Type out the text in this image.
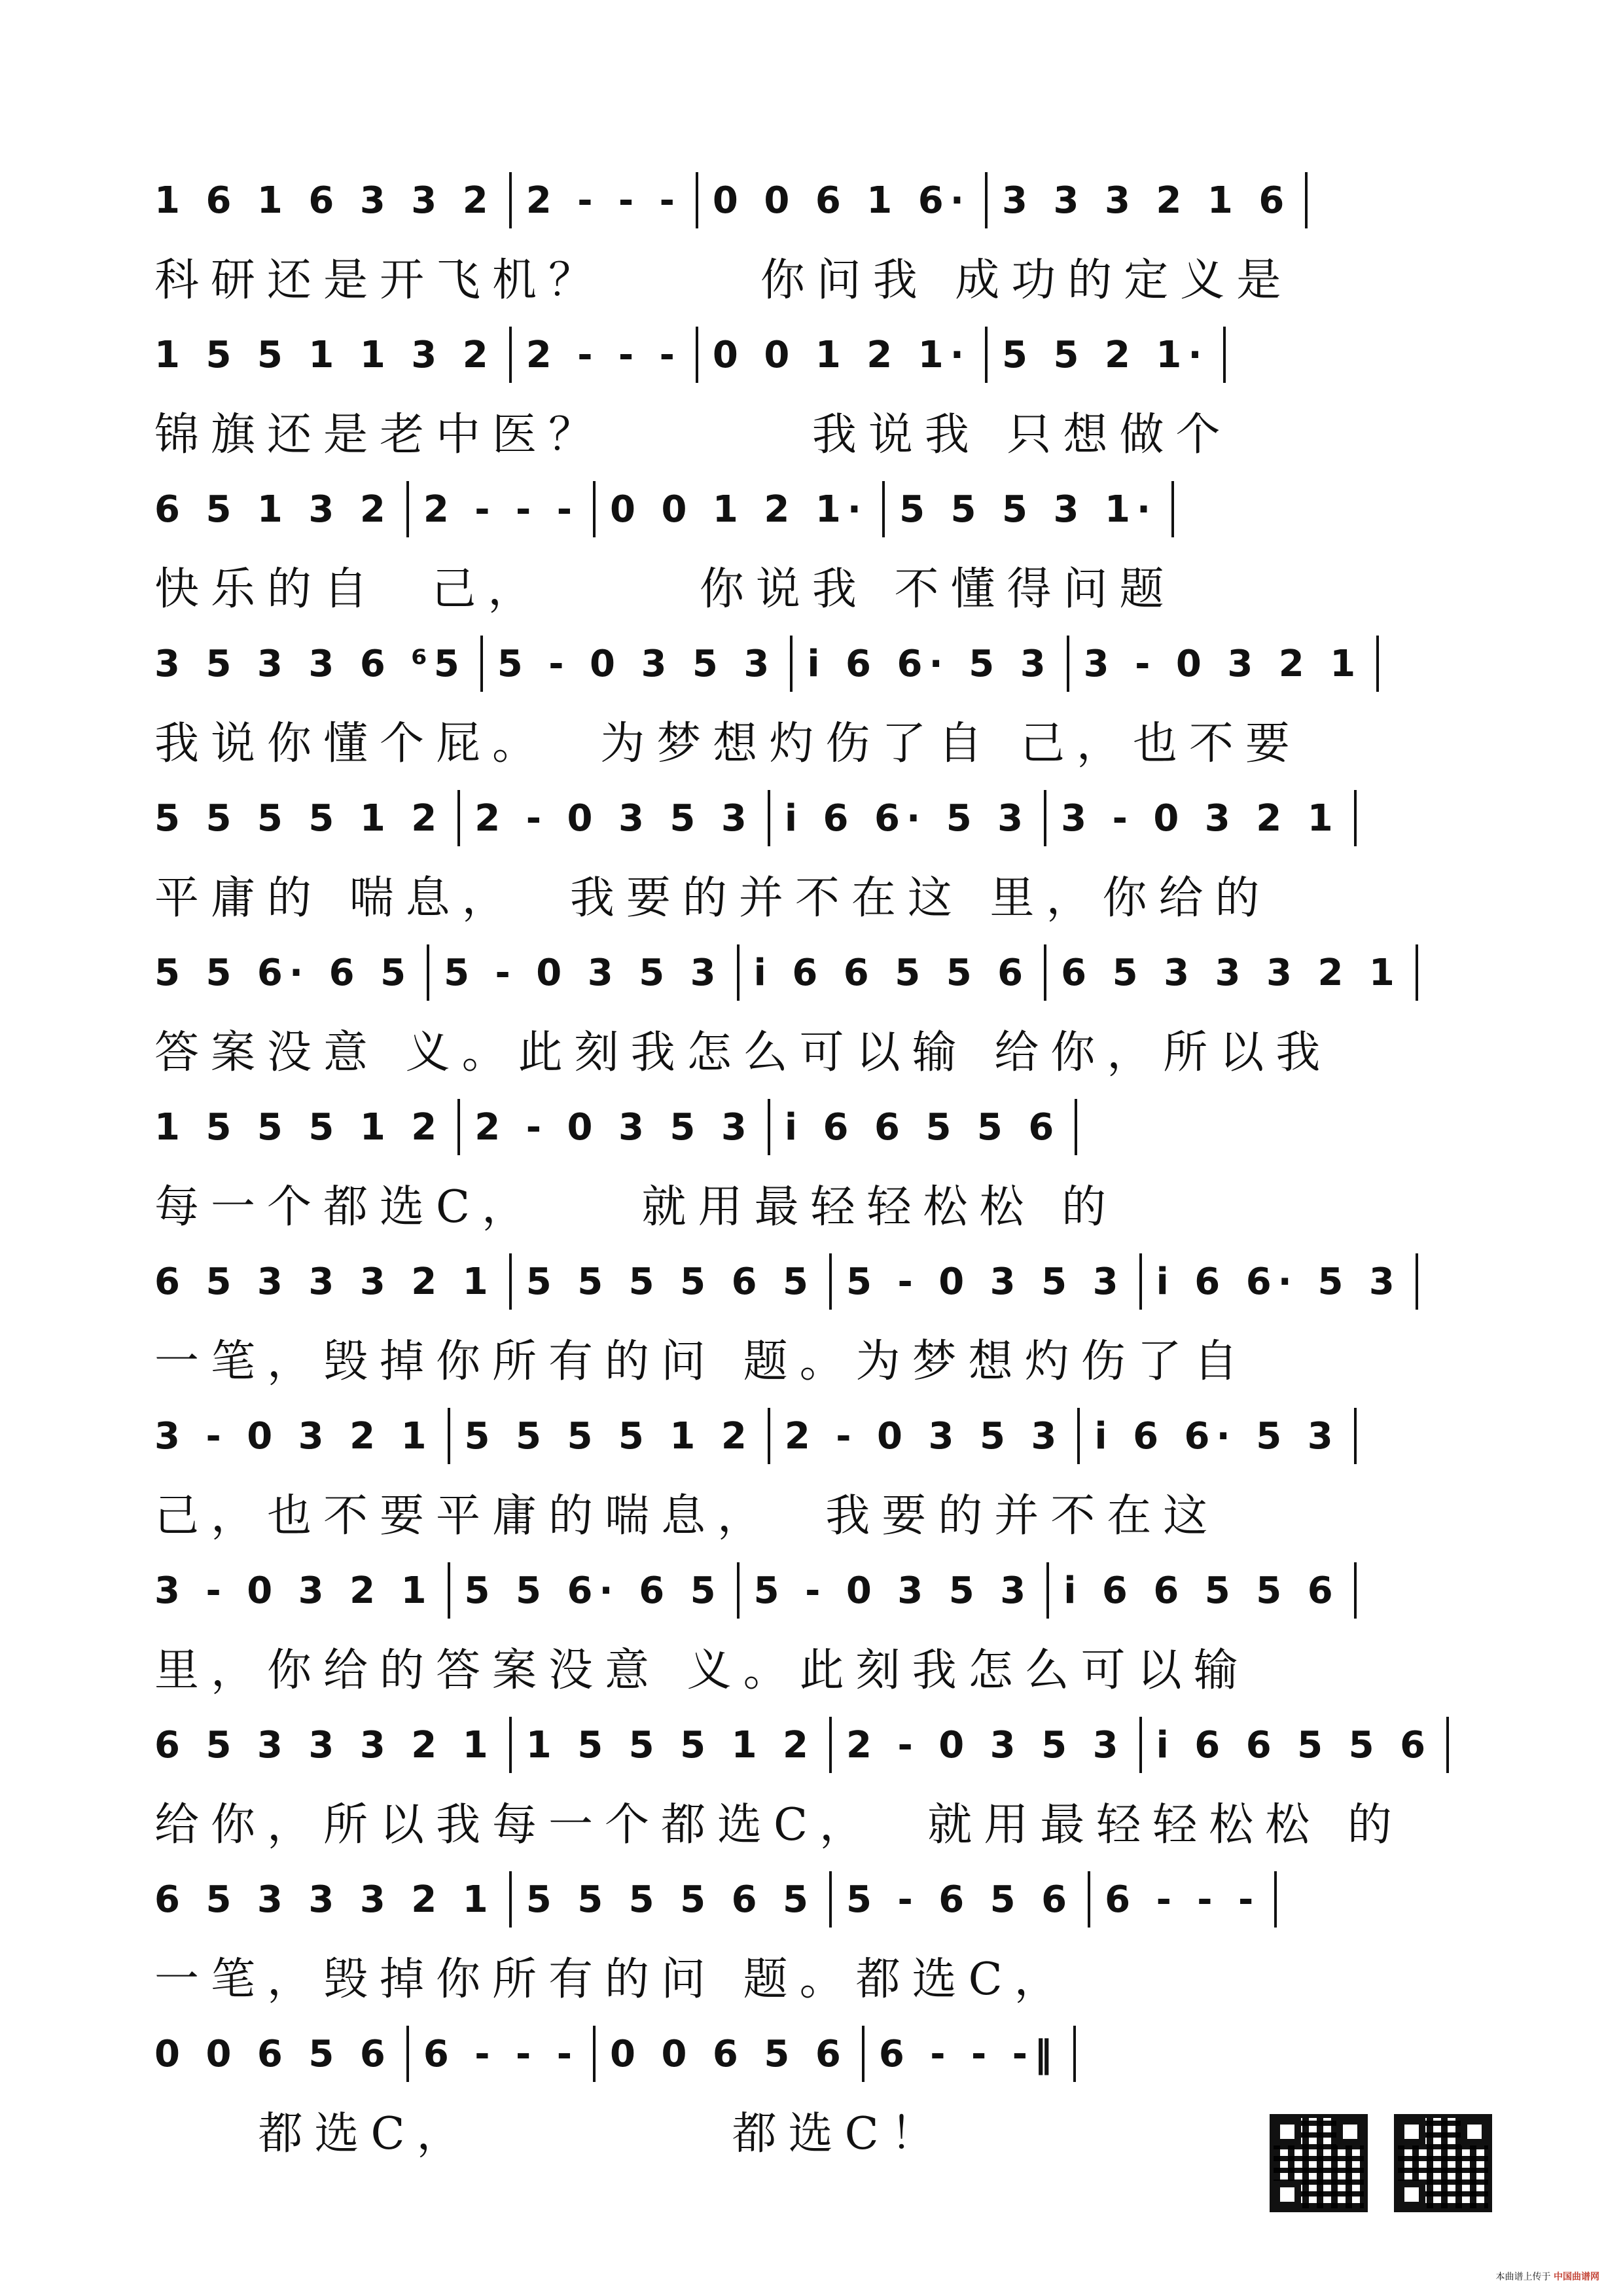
1 6 1 6 3 3 2 2 - - - 0 0 6 1 6· 3 3 3 2 1 6
科研还是开飞机？      你问我 成功的定义是
1 5 5 1 1 3 2 2 - - - 0 0 1 2 1· 5 5 2 1·
锦旗还是老中医？        我说我 只想做个
6 5 1 3 2 2 - - - 0 0 1 2 1· 5 5 5 3 1·
快乐的自  己，      你说我 不懂得问题
3 5 3 3 6 ⁶5 5 - 0 3 5 3 i 6 6· 5 3 3 - 0 3 2 1
我说你懂个屁。  为梦想灼伤了自 己，也不要
5 5 5 5 1 2 2 - 0 3 5 3 i 6 6· 5 3 3 - 0 3 2 1
平庸的 喘息，  我要的并不在这 里，你给的
5 5 6· 6 5 5 - 0 3 5 3 i 6 6 5 5 6 6 5 3 3 3 2 1
答案没意 义。此刻我怎么可以输 给你，所以我
1 5 5 5 1 2 2 - 0 3 5 3 i 6 6 5 5 6
每一个都选C，    就用最轻轻松松 的
6 5 3 3 3 2 1 5 5 5 5 6 5 5 - 0 3 5 3 i 6 6· 5 3
一笔，毁掉你所有的问 题。为梦想灼伤了自
3 - 0 3 2 1 5 5 5 5 1 2 2 - 0 3 5 3 i 6 6· 5 3
己，也不要平庸的喘息，  我要的并不在这
3 - 0 3 2 1 5 5 6· 6 5 5 - 0 3 5 3 i 6 6 5 5 6
里，你给的答案没意 义。此刻我怎么可以输
6 5 3 3 3 2 1 1 5 5 5 1 2 2 - 0 3 5 3 i 6 6 5 5 6
给你，所以我每一个都选C，  就用最轻轻松松 的
6 5 3 3 3 2 1 5 5 5 5 6 5 5 - 6 5 6 6 - - -
一笔，毁掉你所有的问 题。都选C，
0 0 6 5 6 6 - - - 0 0 6 5 6 6 - - -‖
都选C，          都选C！
本曲谱上传于 中国曲谱网
